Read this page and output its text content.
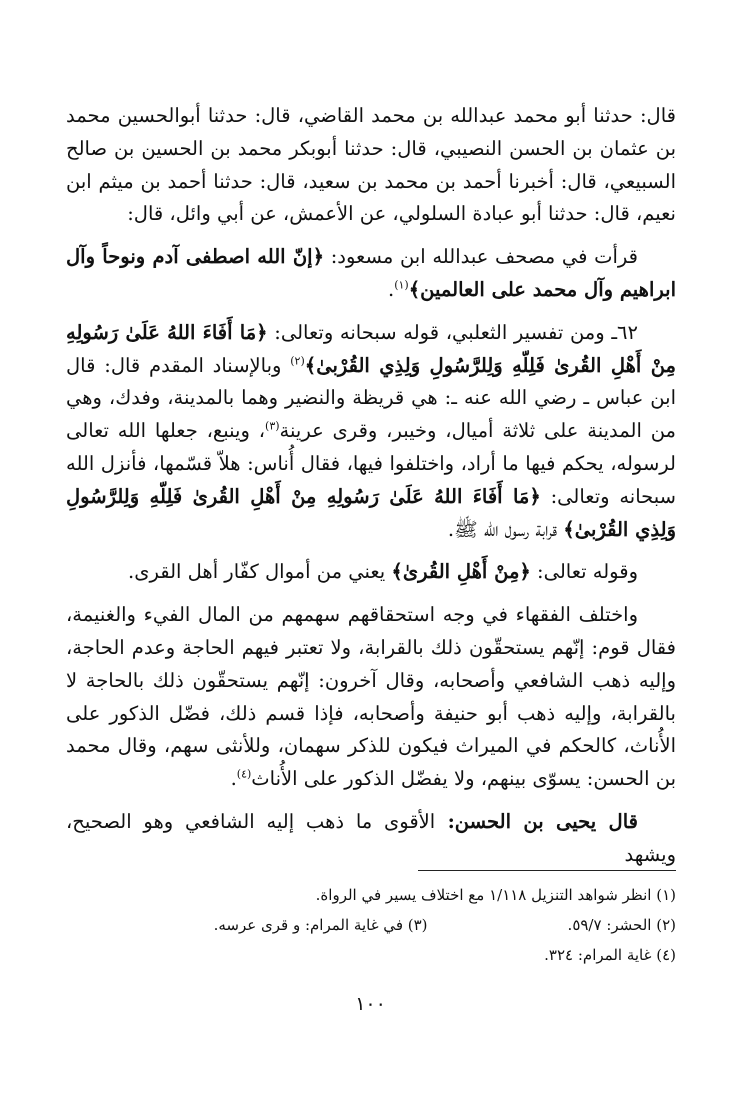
قال: حدثنا أبو محمد عبدالله بن محمد القاضي، قال: حدثنا أبوالحسين محمد بن عثمان بن الحسن النصيبي، قال: حدثنا أبوبكر محمد بن الحسين بن صالح السبيعي، قال: أخبرنا أحمد بن محمد بن سعيد، قال: حدثنا أحمد بن ميثم ابن نعيم، قال: حدثنا أبو عبادة السلولي، عن الأعمش، عن أبي وائل، قال:

قرأت في مصحف عبدالله ابن مسعود: ﴿إنّ الله اصطفى آدم ونوحاً وآل ابراهيم وآل محمد على العالمين﴾$^{(١)}$.

٦٢ـ ومن تفسير الثعلبي، قوله سبحانه وتعالى: ﴿مَا أَفَاءَ اللهُ عَلَىٰ رَسُولِهِ مِنْ أَهْلِ القُرىٰ فَلِلّهِ وَلِلرَّسُولِ وَلِذِي القُرْبىٰ﴾$^{(٢)}$ وبالإسناد المقدم قال: قال ابن عباس ـ رضي الله عنه ـ: هي قريظة والنضير وهما بالمدينة، وفدك، وهي من المدينة على ثلاثة أميال، وخيبر، وقرى عرينة$^{(٣)}$، وينبع، جعلها الله تعالى لرسوله، يحكم فيها ما أراد، واختلفوا فيها، فقال أُناس: هلاّ قسّمها، فأنزل الله سبحانه وتعالى: ﴿مَا أَفَاءَ اللهُ عَلَىٰ رَسُولِهِ مِنْ أَهْلِ القُرىٰ فَلِلّهِ وَلِلرَّسُولِ وَلِذِي القُرْبىٰ﴾ قرابة رسول الله ﷺ.

وقوله تعالى: ﴿مِنْ أَهْلِ القُرىٰ﴾ يعني من أموال كفّار أهل القرى.

واختلف الفقهاء في وجه استحقاقهم سهمهم من المال الفيء والغنيمة، فقال قوم: إنّهم يستحقّون ذلك بالقرابة، ولا تعتبر فيهم الحاجة وعدم الحاجة، وإليه ذهب الشافعي وأصحابه، وقال آخرون: إنّهم يستحقّون ذلك بالحاجة لا بالقرابة، وإليه ذهب أبو حنيفة وأصحابه، فإذا قسم ذلك، فضّل الذكور على الأُناث، كالحكم في الميراث فيكون للذكر سهمان، وللأنثى سهم، وقال محمد بن الحسن: يسوّى بينهم، ولا يفضّل الذكور على الأُناث$^{(٤)}$.

قال يحيى بن الحسن: الأقوى ما ذهب إليه الشافعي وهو الصحيح، ويشهد

(١) انظر شواهد التنزيل ١/١١٨ مع اختلاف يسير في الرواة.
(٢) الحشر: ٥٩/٧.
(٣) في غاية المرام: و قرى عرسه.
(٤) غاية المرام: ٣٢٤.
١٠٠
